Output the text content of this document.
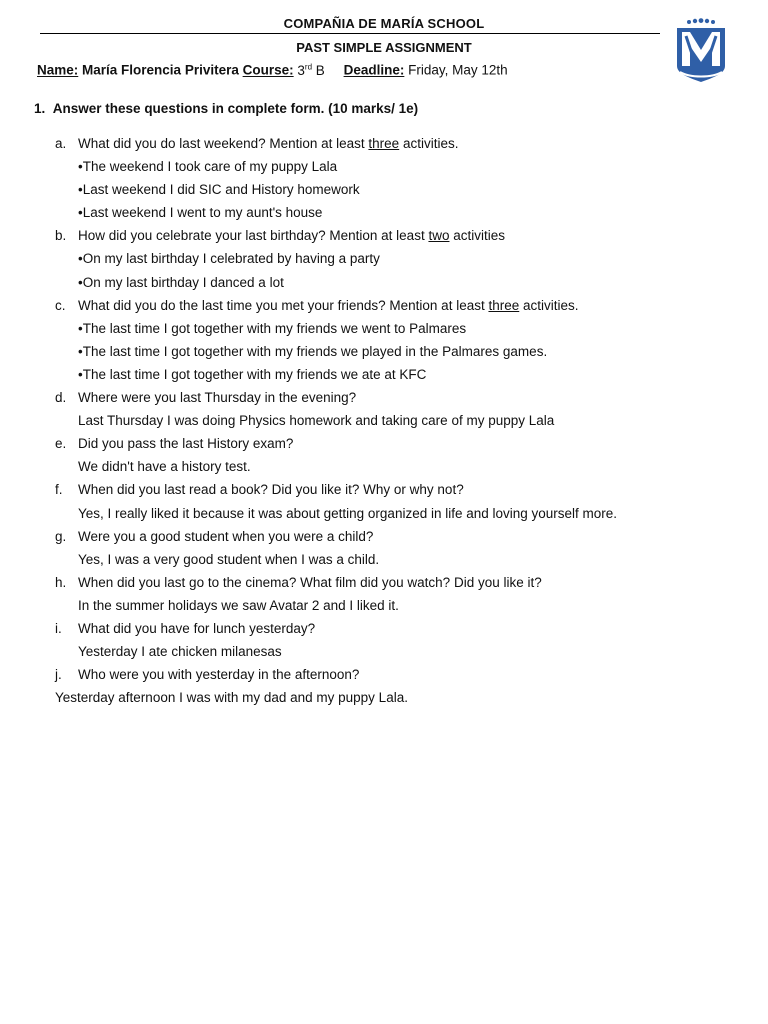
COMPAÑIA DE MARÍA SCHOOL
PAST SIMPLE ASSIGNMENT
Name: María Florencia Privitera Course: 3rd B Deadline: Friday, May 12th
1. Answer these questions in complete form. (10 marks/ 1e)
a. What did you do last weekend? Mention at least three activities.
•The weekend I took care of my puppy Lala
•Last weekend I did SIC and History homework
•Last weekend I went to my aunt's house
b. How did you celebrate your last birthday? Mention at least two activities
•On my last birthday I celebrated by having a party
•On my last birthday I danced a lot
c. What did you do the last time you met your friends? Mention at least three activities.
•The last time I got together with my friends we went to Palmares
•The last time I got together with my friends we played in the Palmares games.
•The last time I got together with my friends we ate at KFC
d. Where were you last Thursday in the evening?
Last Thursday I was doing Physics homework and taking care of my puppy Lala
e. Did you pass the last History exam?
We didn't have a history test.
f. When did you last read a book? Did you like it? Why or why not?
Yes, I really liked it because it was about getting organized in life and loving yourself more.
g. Were you a good student when you were a child?
Yes, I was a very good student when I was a child.
h. When did you last go to the cinema? What film did you watch? Did you like it?
In the summer holidays we saw Avatar 2 and I liked it.
i. What did you have for lunch yesterday?
Yesterday I ate chicken milanesas
j. Who were you with yesterday in the afternoon?
Yesterday afternoon I was with my dad and my puppy Lala.
